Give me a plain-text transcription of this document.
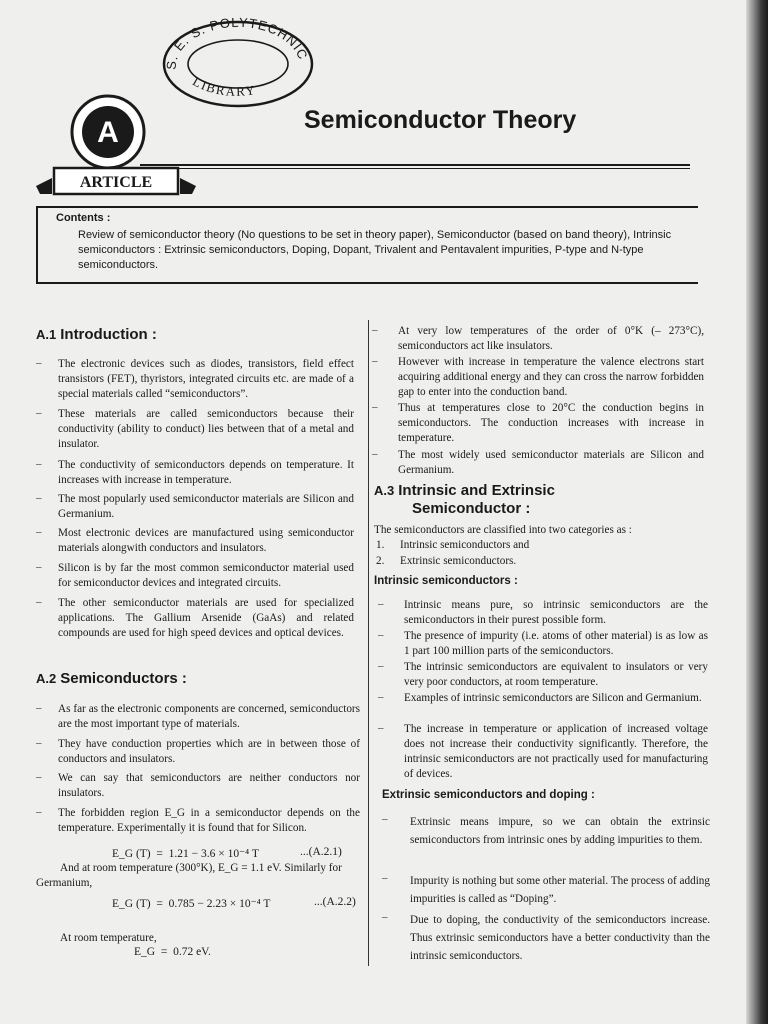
S. E. S. POLYTECHNIC
LIBRARY
A
ARTICLE
Semiconductor Theory
Contents :
Review of semiconductor theory (No questions to be set in theory paper), Semiconductor (based on band theory), Intrinsic semiconductors : Extrinsic semiconductors, Doping, Dopant, Trivalent and Pentavalent impurities, P-type and N-type semiconductors.
A.1 Introduction :
– The electronic devices such as diodes, transistors, field effect transistors (FET), thyristors, integrated circuits etc. are made of a special materials called “semiconductors”.
– These materials are called semiconductors because their conductivity (ability to conduct) lies between that of a metal and insulator.
– The conductivity of semiconductors depends on temperature. It increases with increase in temperature.
– The most popularly used semiconductor materials are Silicon and Germanium.
– Most electronic devices are manufactured using semiconductor materials alongwith conductors and insulators.
– Silicon is by far the most common semiconductor material used for semiconductor devices and integrated circuits.
– The other semiconductor materials are used for specialized applications. The Gallium Arsenide (GaAs) and related compounds are used for high speed devices and optical devices.
A.2 Semiconductors :
– As far as the electronic components are concerned, semiconductors are the most important type of materials.
– They have conduction properties which are in between those of conductors and insulators.
– We can say that semiconductors are neither conductors nor insulators.
– The forbidden region E_G in a semiconductor depends on the temperature. Experimentally it is found that for Silicon.
E_G (T)  =  1.21 − 3.6 × 10⁻⁴ T	...(A.2.1)
And at room temperature (300°K), E_G = 1.1 eV. Similarly for Germanium,
E_G (T)  =  0.785 − 2.23 × 10⁻⁴ T	...(A.2.2)
At room temperature,
E_G  =  0.72 eV.
– At very low temperatures of the order of 0°K (– 273°C), semiconductors act like insulators.
– However with increase in temperature the valence electrons start acquiring additional energy and they can cross the narrow forbidden gap to enter into the conduction band.
– Thus at temperatures close to 20°C the conduction begins in semiconductors. The conduction increases with increase in temperature.
– The most widely used semiconductor materials are Silicon and Germanium.
A.3 Intrinsic and Extrinsic
Semiconductor :
The semiconductors are classified into two categories as :
1. Intrinsic semiconductors and
2. Extrinsic semiconductors.
Intrinsic semiconductors :
– Intrinsic means pure, so intrinsic semiconductors are the semiconductors in their purest possible form.
– The presence of impurity (i.e. atoms of other material) is as low as 1 part 100 million parts of the semiconductors.
– The intrinsic semiconductors are equivalent to insulators or very very poor conductors, at room temperature.
– Examples of intrinsic semiconductors are Silicon and Germanium.
– The increase in temperature or application of increased voltage does not increase their conductivity significantly. Therefore, the intrinsic semiconductors are not practically used for manufacturing of devices.
Extrinsic semiconductors and doping :
– Extrinsic means impure, so we can obtain the extrinsic semiconductors from intrinsic ones by adding impurities to them.
– Impurity is nothing but some other material. The process of adding impurities is called as “Doping”.
– Due to doping, the conductivity of the semiconductors increase. Thus extrinsic semiconductors have a better conductivity than the intrinsic semiconductors.
